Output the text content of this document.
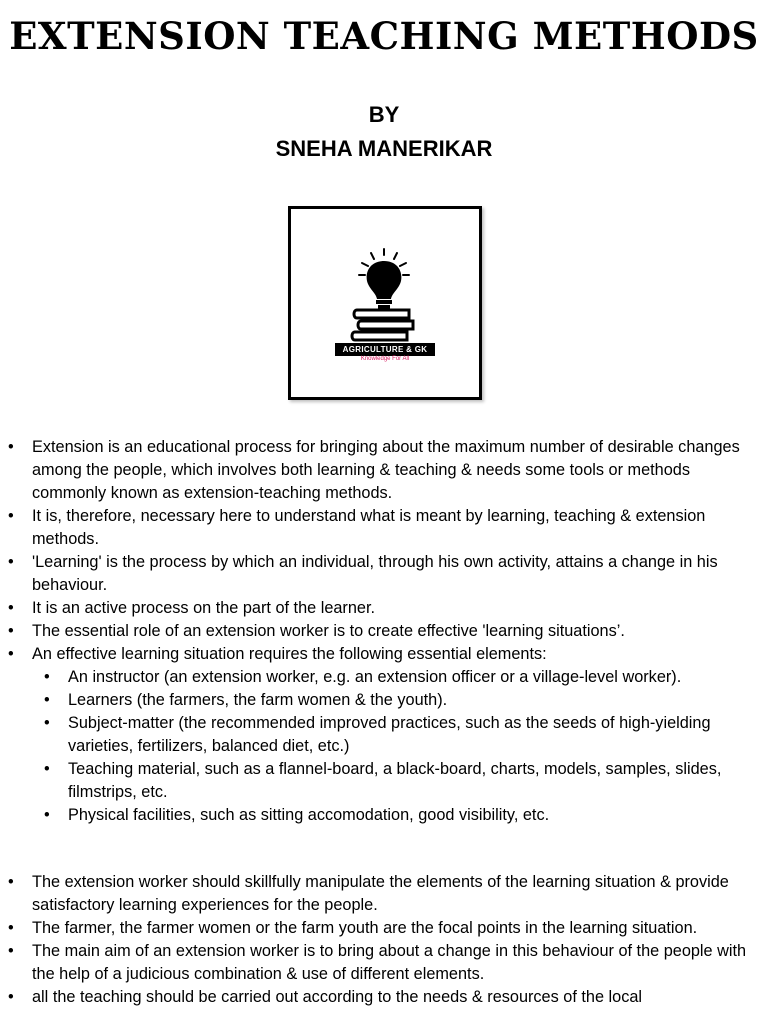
EXTENSION TEACHING METHODS
BY
SNEHA MANERIKAR
AGRICULTURE & GK
Knowledge For All
• Extension is an educational process for bringing about the maximum number of desirable changes among the people, which involves both learning & teaching & needs some tools or methods commonly known as extension-teaching methods.
• It is, therefore, necessary here to understand what is meant by learning, teaching & extension methods.
• 'Learning' is the process by which an individual, through his own activity, attains a change in his behaviour.
• It is an active process on the part of the learner.
• The essential role of an extension worker is to create effective 'learning situations’.
• An effective learning situation requires the following essential elements:
• An instructor (an extension worker, e.g. an extension officer or a village-level worker).
• Learners (the farmers, the farm women & the youth).
• Subject-matter (the recommended improved practices, such as the seeds of high-yielding varieties, fertilizers, balanced diet, etc.)
• Teaching material, such as a flannel-board, a black-board, charts, models, samples, slides, filmstrips, etc.
• Physical facilities, such as sitting accomodation, good visibility, etc.
• The extension worker should skillfully manipulate the elements of the learning situation & provide satisfactory learning experiences for the people.
• The farmer, the farmer women or the farm youth are the focal points in the learning situation.
• The main aim of an extension worker is to bring about a change in this behaviour of the people with the help of a judicious combination & use of different elements.
• all the teaching should be carried out according to the needs & resources of the local
